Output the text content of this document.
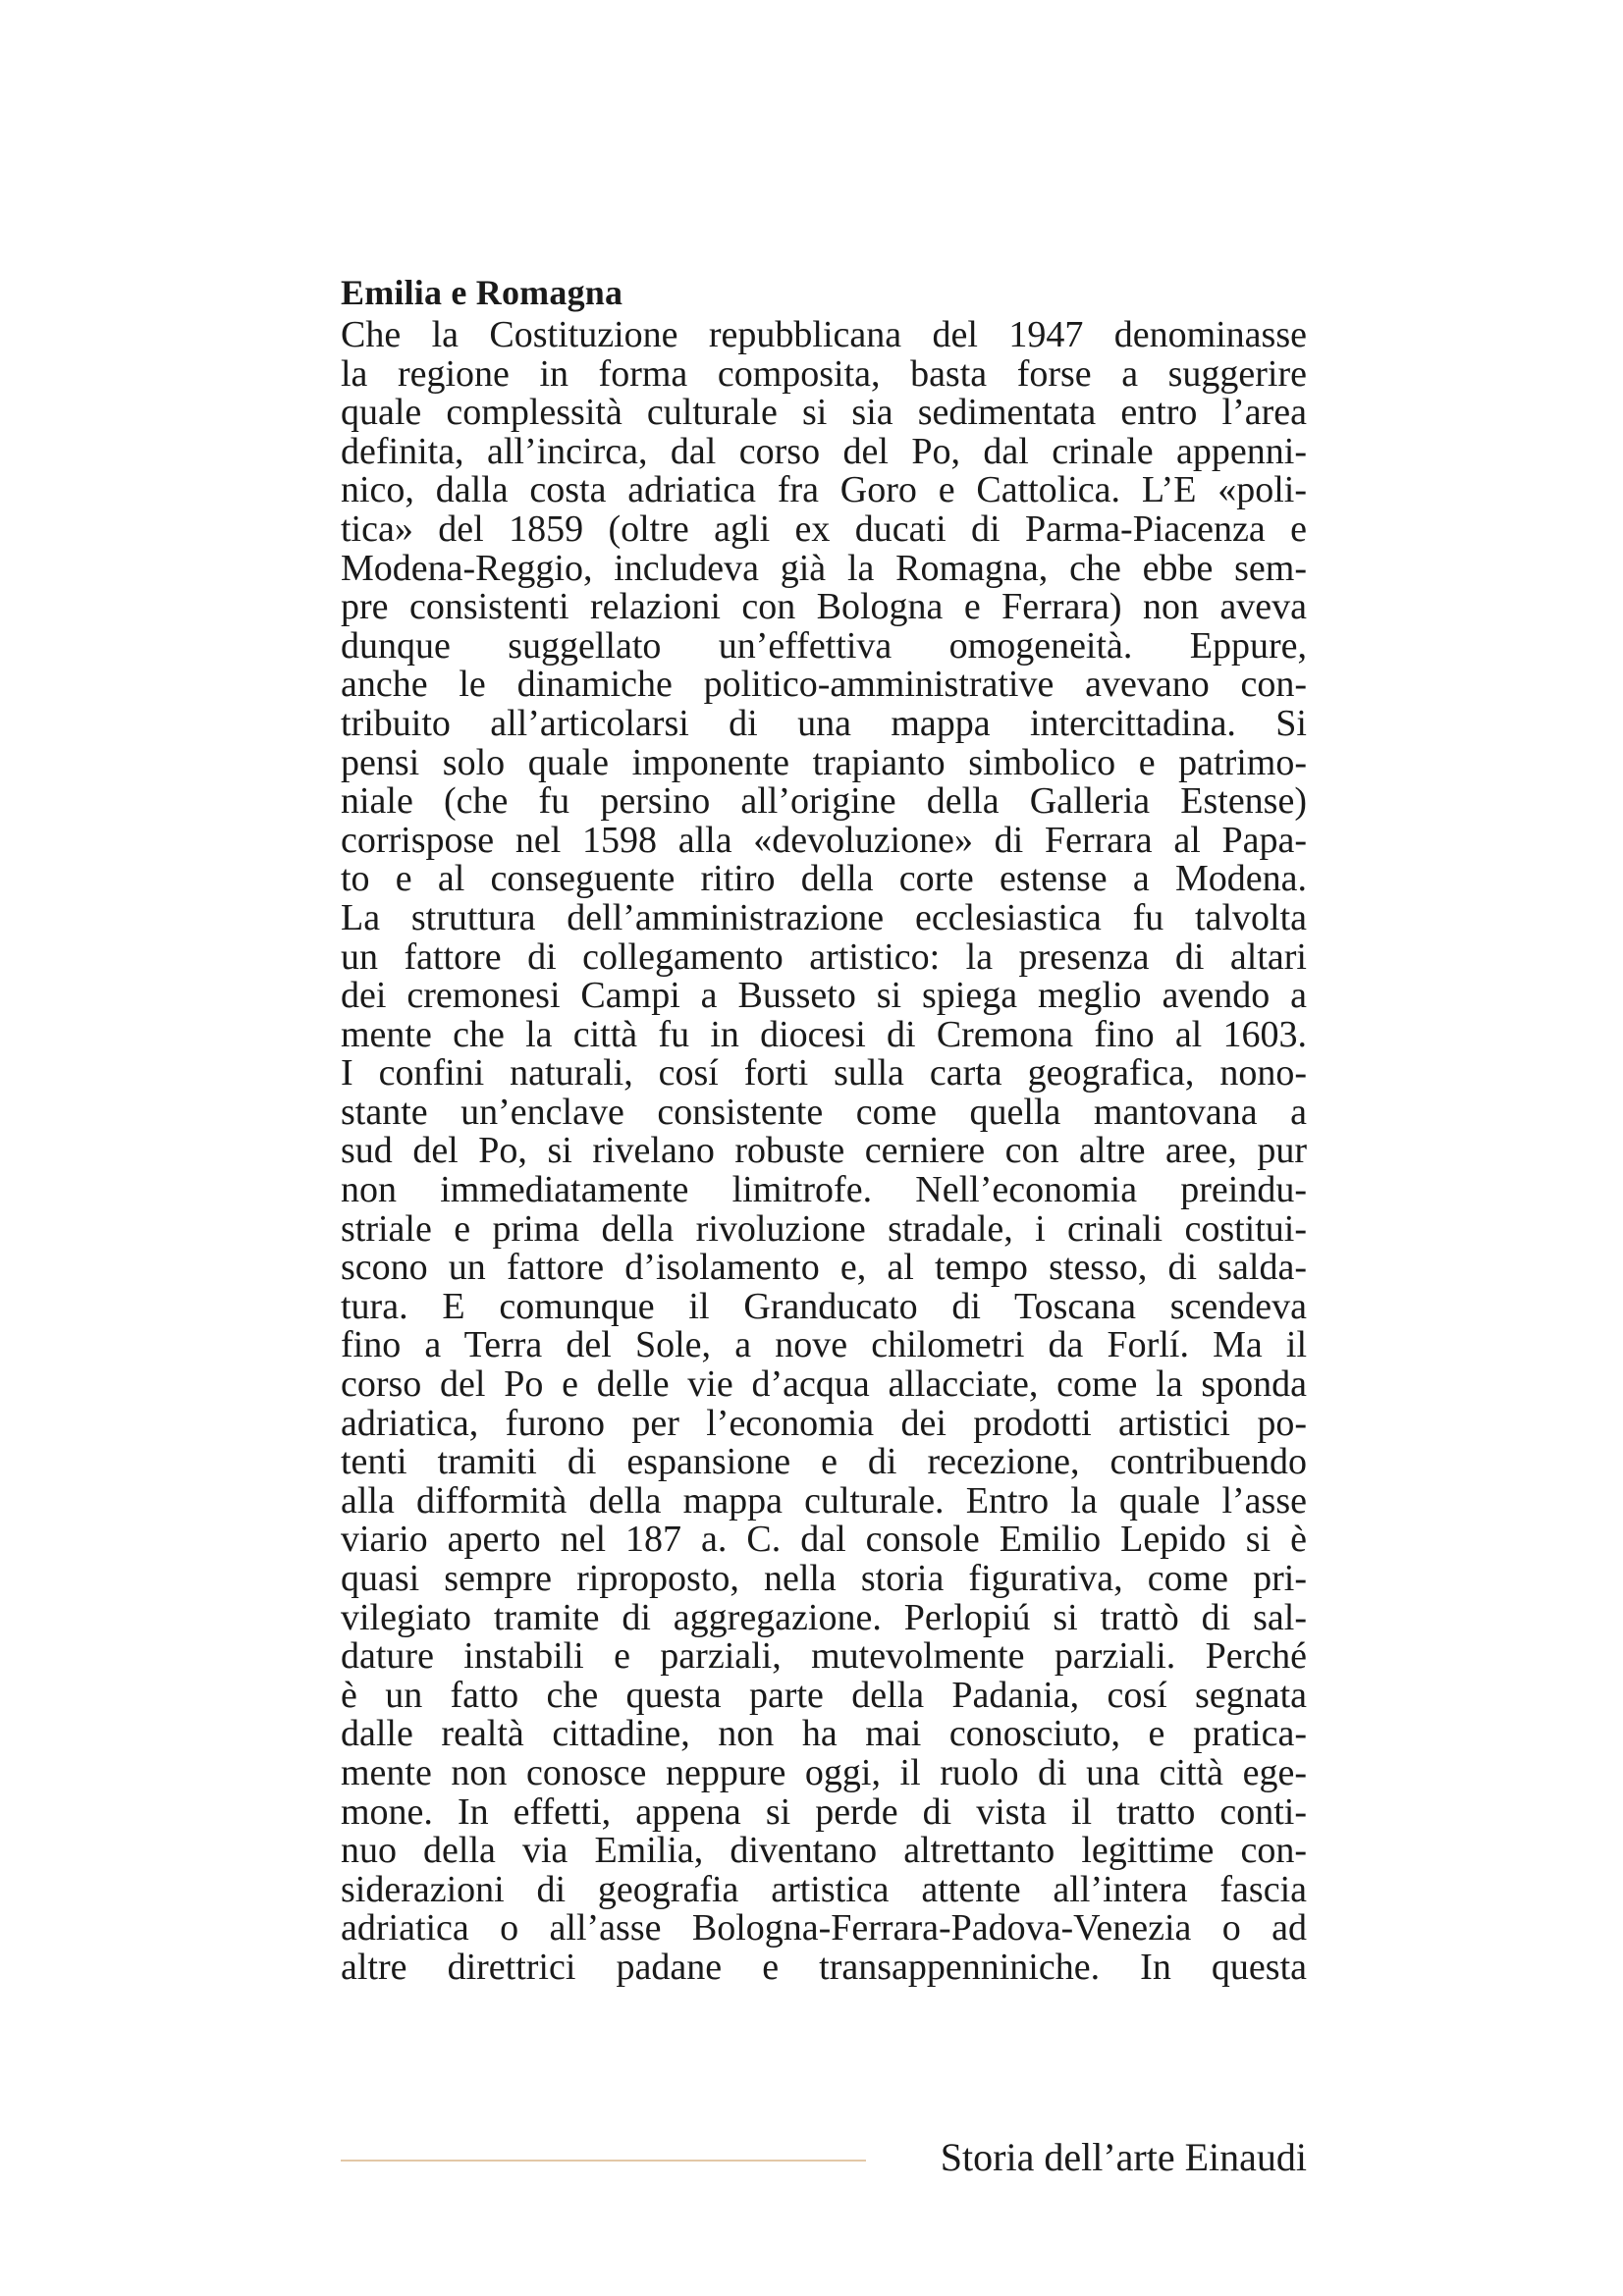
Emilia e Romagna
Che la Costituzione repubblicana del 1947 denominasse
la regione in forma composita, basta forse a suggerire
quale complessità culturale si sia sedimentata entro l’area
definita, all’incirca, dal corso del Po, dal crinale appenni-
nico, dalla costa adriatica fra Goro e Cattolica. L’E «poli-
tica» del 1859 (oltre agli ex ducati di Parma-Piacenza e
Modena-Reggio, includeva già la Romagna, che ebbe sem-
pre consistenti relazioni con Bologna e Ferrara) non aveva
dunque suggellato un’effettiva omogeneità. Eppure,
anche le dinamiche politico-amministrative avevano con-
tribuito all’articolarsi di una mappa intercittadina. Si
pensi solo quale imponente trapianto simbolico e patrimo-
niale (che fu persino all’origine della Galleria Estense)
corrispose nel 1598 alla «devoluzione» di Ferrara al Papa-
to e al conseguente ritiro della corte estense a Modena.
La struttura dell’amministrazione ecclesiastica fu talvolta
un fattore di collegamento artistico: la presenza di altari
dei cremonesi Campi a Busseto si spiega meglio avendo a
mente che la città fu in diocesi di Cremona fino al 1603.
I confini naturali, cosí forti sulla carta geografica, nono-
stante un’enclave consistente come quella mantovana a
sud del Po, si rivelano robuste cerniere con altre aree, pur
non immediatamente limitrofe. Nell’economia preindu-
striale e prima della rivoluzione stradale, i crinali costitui-
scono un fattore d’isolamento e, al tempo stesso, di salda-
tura. E comunque il Granducato di Toscana scendeva
fino a Terra del Sole, a nove chilometri da Forlí. Ma il
corso del Po e delle vie d’acqua allacciate, come la sponda
adriatica, furono per l’economia dei prodotti artistici po-
tenti tramiti di espansione e di recezione, contribuendo
alla difformità della mappa culturale. Entro la quale l’asse
viario aperto nel 187 a. C. dal console Emilio Lepido si è
quasi sempre riproposto, nella storia figurativa, come pri-
vilegiato tramite di aggregazione. Perlopiú si trattò di sal-
dature instabili e parziali, mutevolmente parziali. Perché
è un fatto che questa parte della Padania, cosí segnata
dalle realtà cittadine, non ha mai conosciuto, e pratica-
mente non conosce neppure oggi, il ruolo di una città ege-
mone. In effetti, appena si perde di vista il tratto conti-
nuo della via Emilia, diventano altrettanto legittime con-
siderazioni di geografia artistica attente all’intera fascia
adriatica o all’asse Bologna-Ferrara-Padova-Venezia o ad
altre direttrici padane e transappenniniche. In questa
Storia dell’arte Einaudi
